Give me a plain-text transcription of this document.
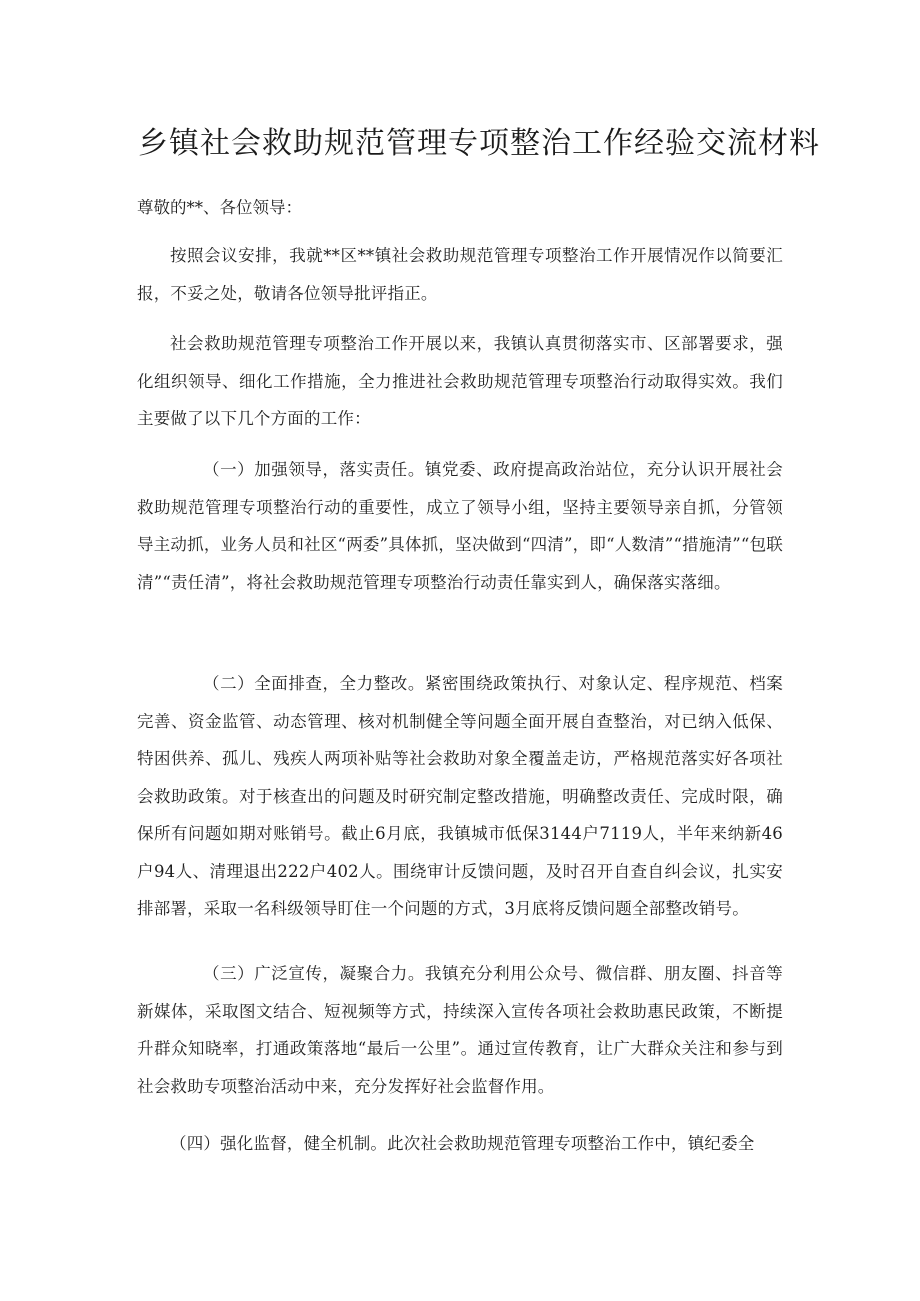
乡镇社会救助规范管理专项整治工作经验交流材料

尊敬的**、各位领导：

按照会议安排，我就**区**镇社会救助规范管理专项整治工作开展情况作以简要汇报，不妥之处，敬请各位领导批评指正。

社会救助规范管理专项整治工作开展以来，我镇认真贯彻落实市、区部署要求，强化组织领导、细化工作措施，全力推进社会救助规范管理专项整治行动取得实效。我们主要做了以下几个方面的工作：

（一）加强领导，落实责任。镇党委、政府提高政治站位，充分认识开展社会救助规范管理专项整治行动的重要性，成立了领导小组，坚持主要领导亲自抓，分管领导主动抓，业务人员和社区“两委”具体抓，坚决做到“四清”，即“人数清”“措施清”“包联清”“责任清”，将社会救助规范管理专项整治行动责任靠实到人，确保落实落细。

（二）全面排查，全力整改。紧密围绕政策执行、对象认定、程序规范、档案完善、资金监管、动态管理、核对机制健全等问题全面开展自查整治，对已纳入低保、特困供养、孤儿、残疾人两项补贴等社会救助对象全覆盖走访，严格规范落实好各项社会救助政策。对于核查出的问题及时研究制定整改措施，明确整改责任、完成时限，确保所有问题如期对账销号。截止6月底，我镇城市低保3144户7119人，半年来纳新46户94人、清理退出222户402人。围绕审计反馈问题，及时召开自查自纠会议，扎实安排部署，采取一名科级领导盯住一个问题的方式，3月底将反馈问题全部整改销号。

（三）广泛宣传，凝聚合力。我镇充分利用公众号、微信群、朋友圈、抖音等新媒体，采取图文结合、短视频等方式，持续深入宣传各项社会救助惠民政策，不断提升群众知晓率，打通政策落地“最后一公里”。通过宣传教育，让广大群众关注和参与到社会救助专项整治活动中来，充分发挥好社会监督作用。

（四）强化监督，健全机制。此次社会救助规范管理专项整治工作中，镇纪委全
